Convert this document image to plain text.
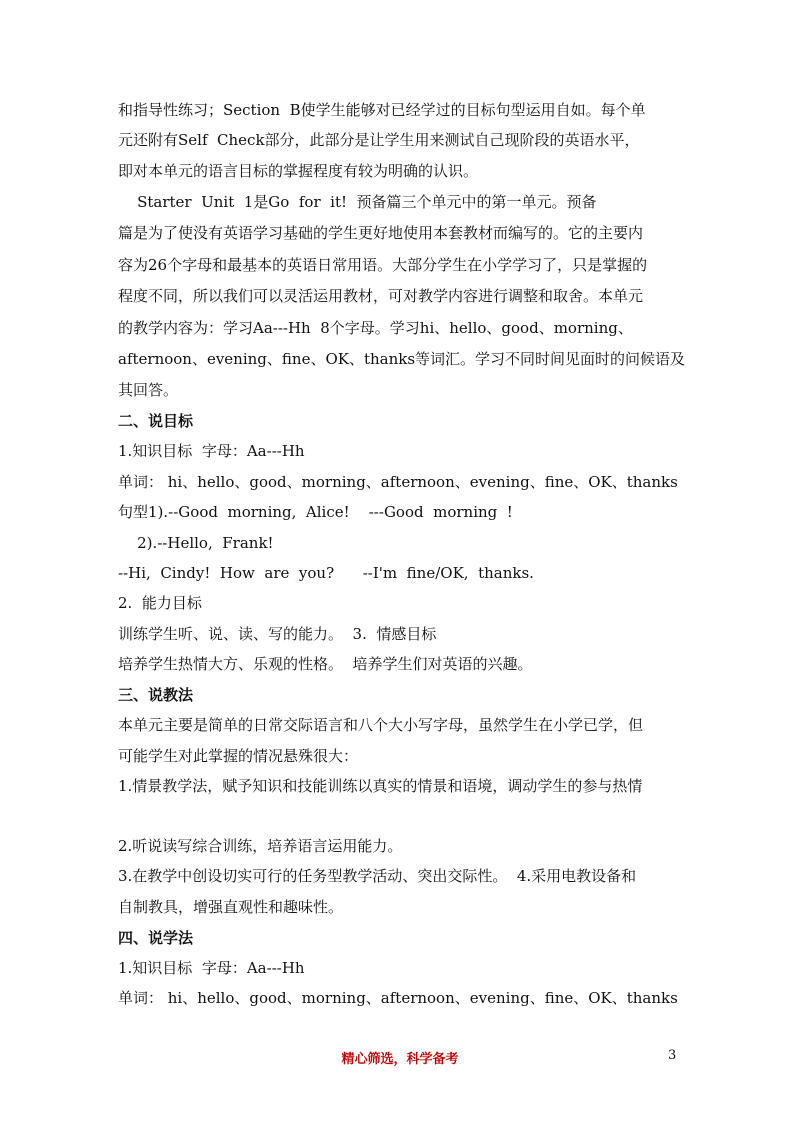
和指导性练习；Section  B使学生能够对已经学过的目标句型运用自如。每个单
元还附有Self  Check部分，此部分是让学生用来测试自己现阶段的英语水平，
即对本单元的语言目标的掌握程度有较为明确的认识。
Starter  Unit  1是Go  for  it!  预备篇三个单元中的第一单元。预备
篇是为了使没有英语学习基础的学生更好地使用本套教材而编写的。它的主要内
容为26个字母和最基本的英语日常用语。大部分学生在小学学习了，只是掌握的
程度不同，所以我们可以灵活运用教材，可对教学内容进行调整和取舍。本单元
的教学内容为：学习Aa---Hh  8个字母。学习hi、hello、good、morning、
afternoon、evening、fine、OK、thanks等词汇。学习不同时间见面时的问候语及
其回答。
二、说目标
1.知识目标  字母：Aa---Hh
单词： hi、hello、good、morning、afternoon、evening、fine、OK、thanks
句型1).--Good  morning,  Alice!    ---Good  morning  !
2).--Hello,  Frank!
--Hi,  Cindy!  How  are  you?      --I'm  fine/OK,  thanks.
2.  能力目标
训练学生听、说、读、写的能力。  3.  情感目标
培养学生热情大方、乐观的性格。  培养学生们对英语的兴趣。
三、说教法
本单元主要是简单的日常交际语言和八个大小写字母，虽然学生在小学已学，但
可能学生对此掌握的情况悬殊很大：
1.情景教学法，赋予知识和技能训练以真实的情景和语境，调动学生的参与热情
2.听说读写综合训练，培养语言运用能力。
3.在教学中创设切实可行的任务型教学活动、突出交际性。  4.采用电教设备和
自制教具，增强直观性和趣味性。
四、说学法
1.知识目标  字母：Aa---Hh
单词： hi、hello、good、morning、afternoon、evening、fine、OK、thanks
精心筛选，科学备考	3
